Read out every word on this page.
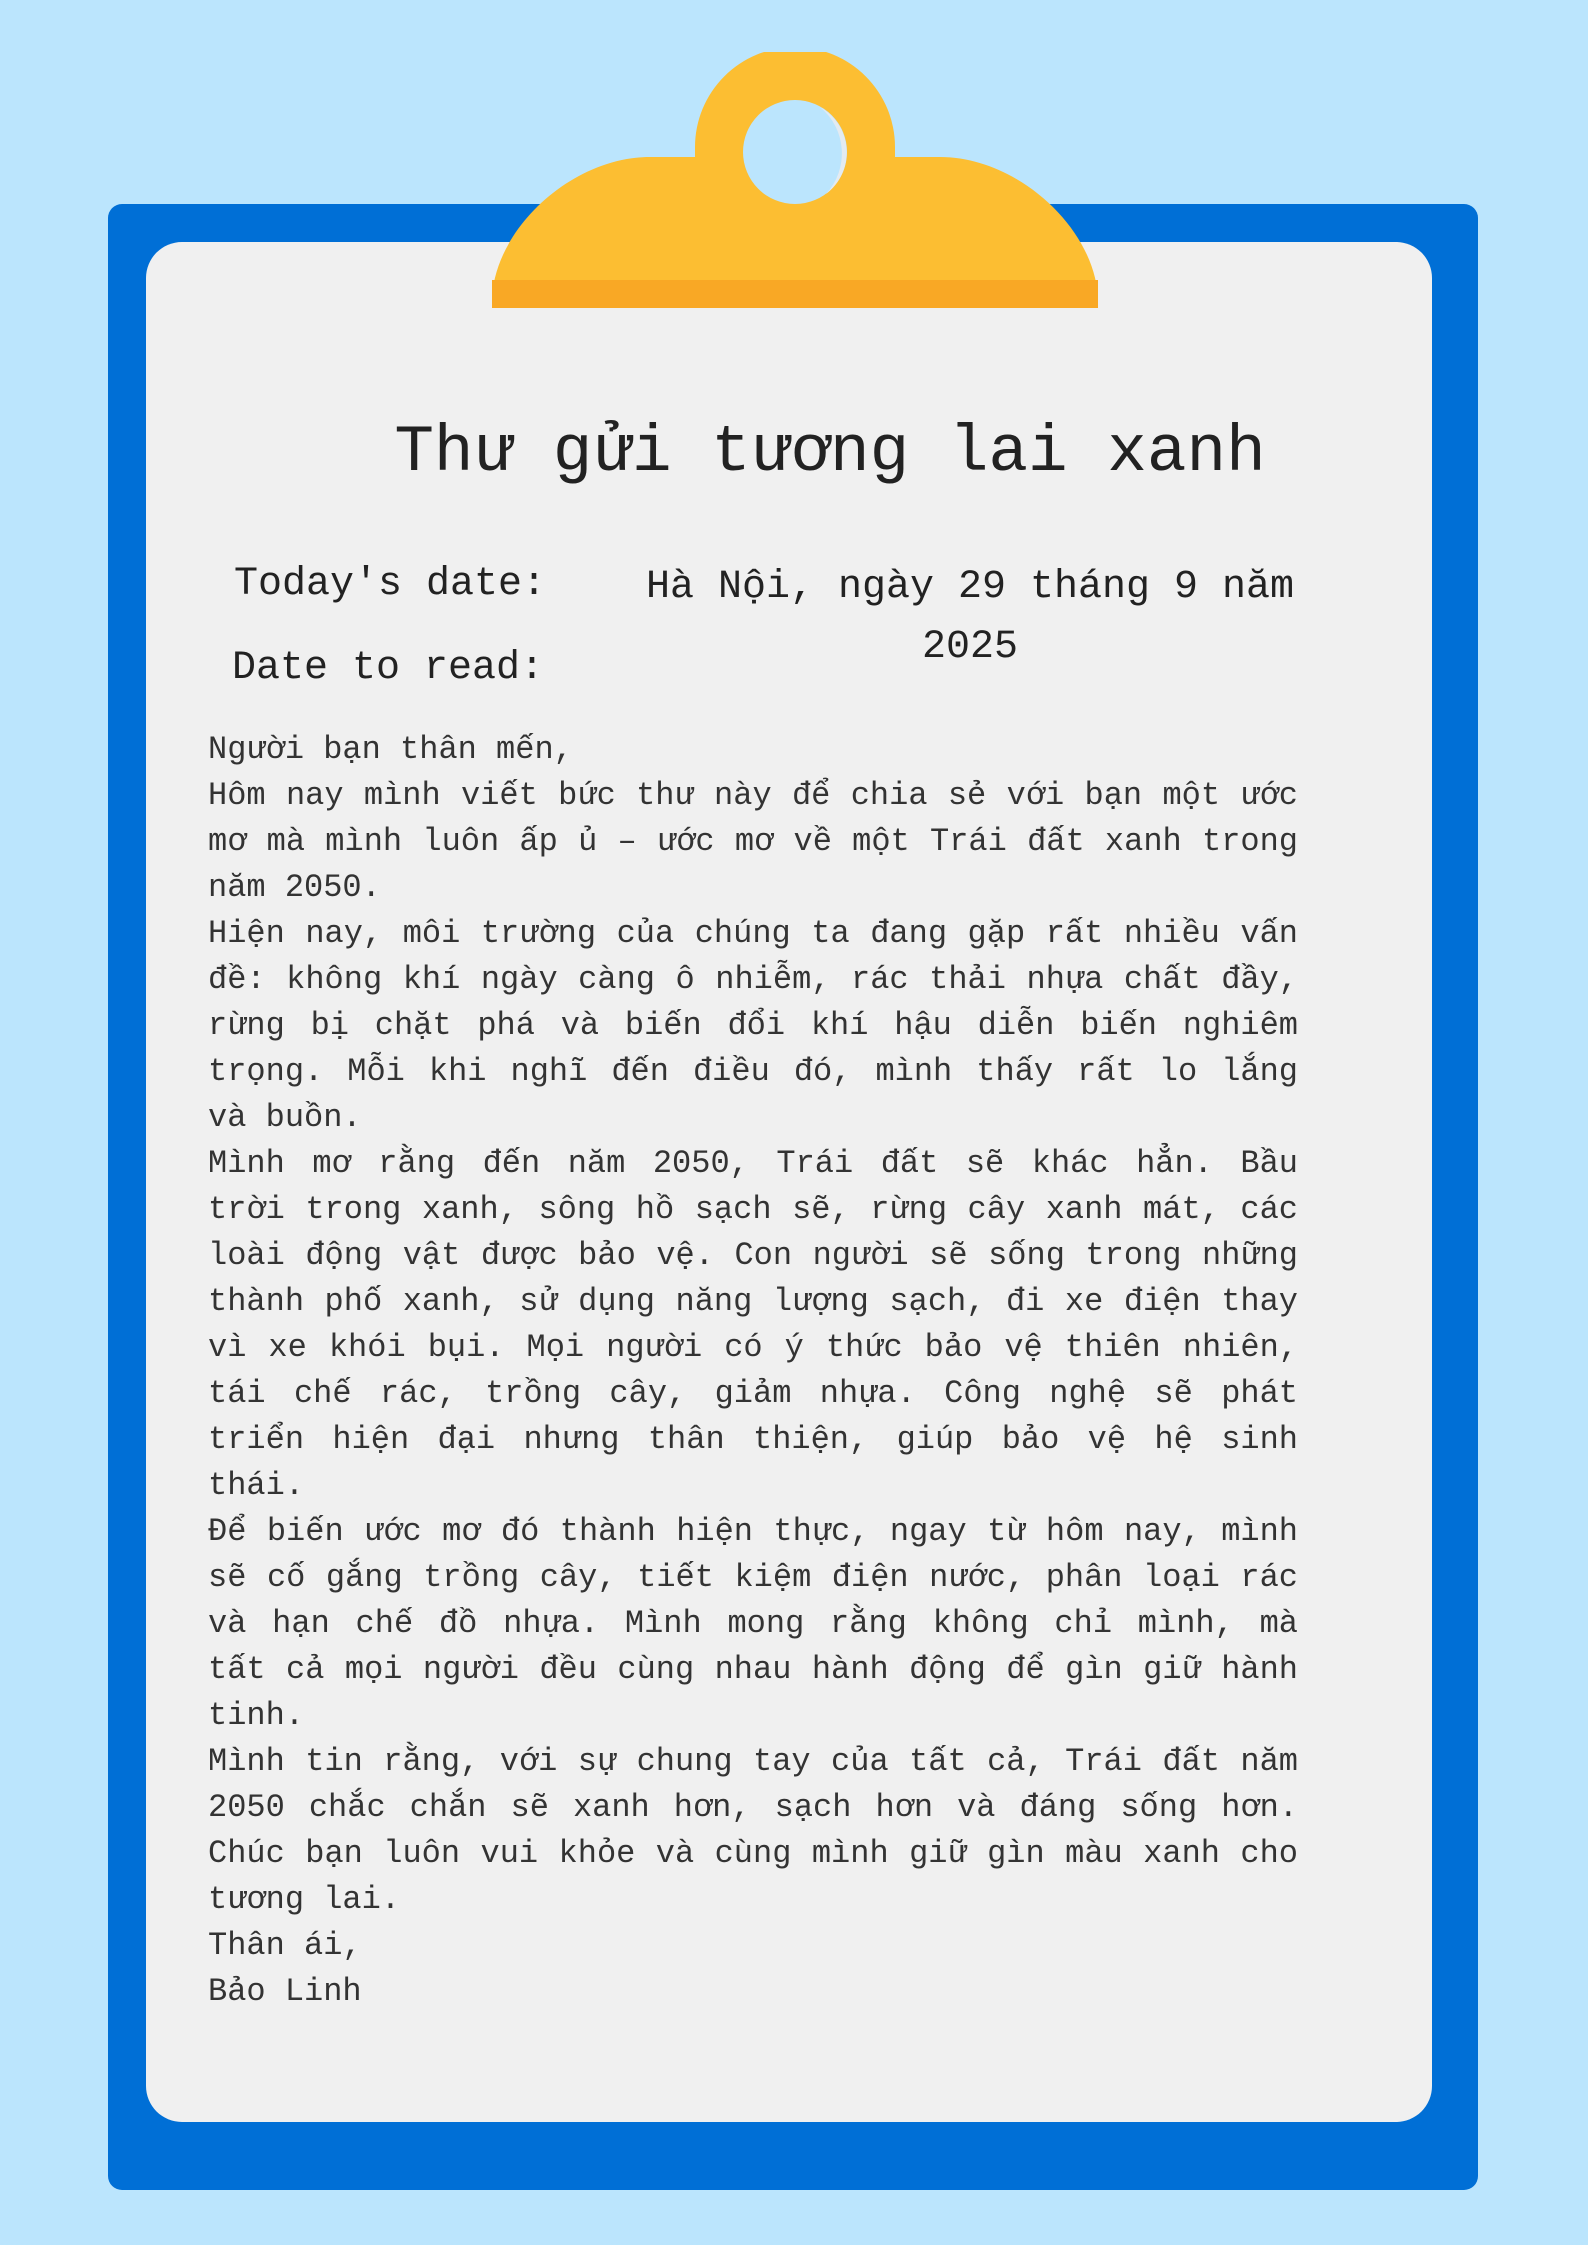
Thư gửi tương lai xanh
Today's date:
Date to read:
Hà Nội, ngày 29 tháng 9 năm 2025

Người bạn thân mến,

Hôm nay mình viết bức thư này để chia sẻ với bạn một ước mơ mà mình luôn ấp ủ – ước mơ về một Trái đất xanh trong năm 2050.

Hiện nay, môi trường của chúng ta đang gặp rất nhiều vấn đề: không khí ngày càng ô nhiễm, rác thải nhựa chất đầy, rừng bị chặt phá và biến đổi khí hậu diễn biến nghiêm trọng. Mỗi khi nghĩ đến điều đó, mình thấy rất lo lắng và buồn.

Mình mơ rằng đến năm 2050, Trái đất sẽ khác hẳn. Bầu trời trong xanh, sông hồ sạch sẽ, rừng cây xanh mát, các loài động vật được bảo vệ. Con người sẽ sống trong những thành phố xanh, sử dụng năng lượng sạch, đi xe điện thay vì xe khói bụi. Mọi người có ý thức bảo vệ thiên nhiên, tái chế rác, trồng cây, giảm nhựa. Công nghệ sẽ phát triển hiện đại nhưng thân thiện, giúp bảo vệ hệ sinh thái.

Để biến ước mơ đó thành hiện thực, ngay từ hôm nay, mình sẽ cố gắng trồng cây, tiết kiệm điện nước, phân loại rác và hạn chế đồ nhựa. Mình mong rằng không chỉ mình, mà tất cả mọi người đều cùng nhau hành động để gìn giữ hành tinh.

Mình tin rằng, với sự chung tay của tất cả, Trái đất năm 2050 chắc chắn sẽ xanh hơn, sạch hơn và đáng sống hơn. Chúc bạn luôn vui khỏe và cùng mình giữ gìn màu xanh cho tương lai.

Thân ái,

Bảo Linh
